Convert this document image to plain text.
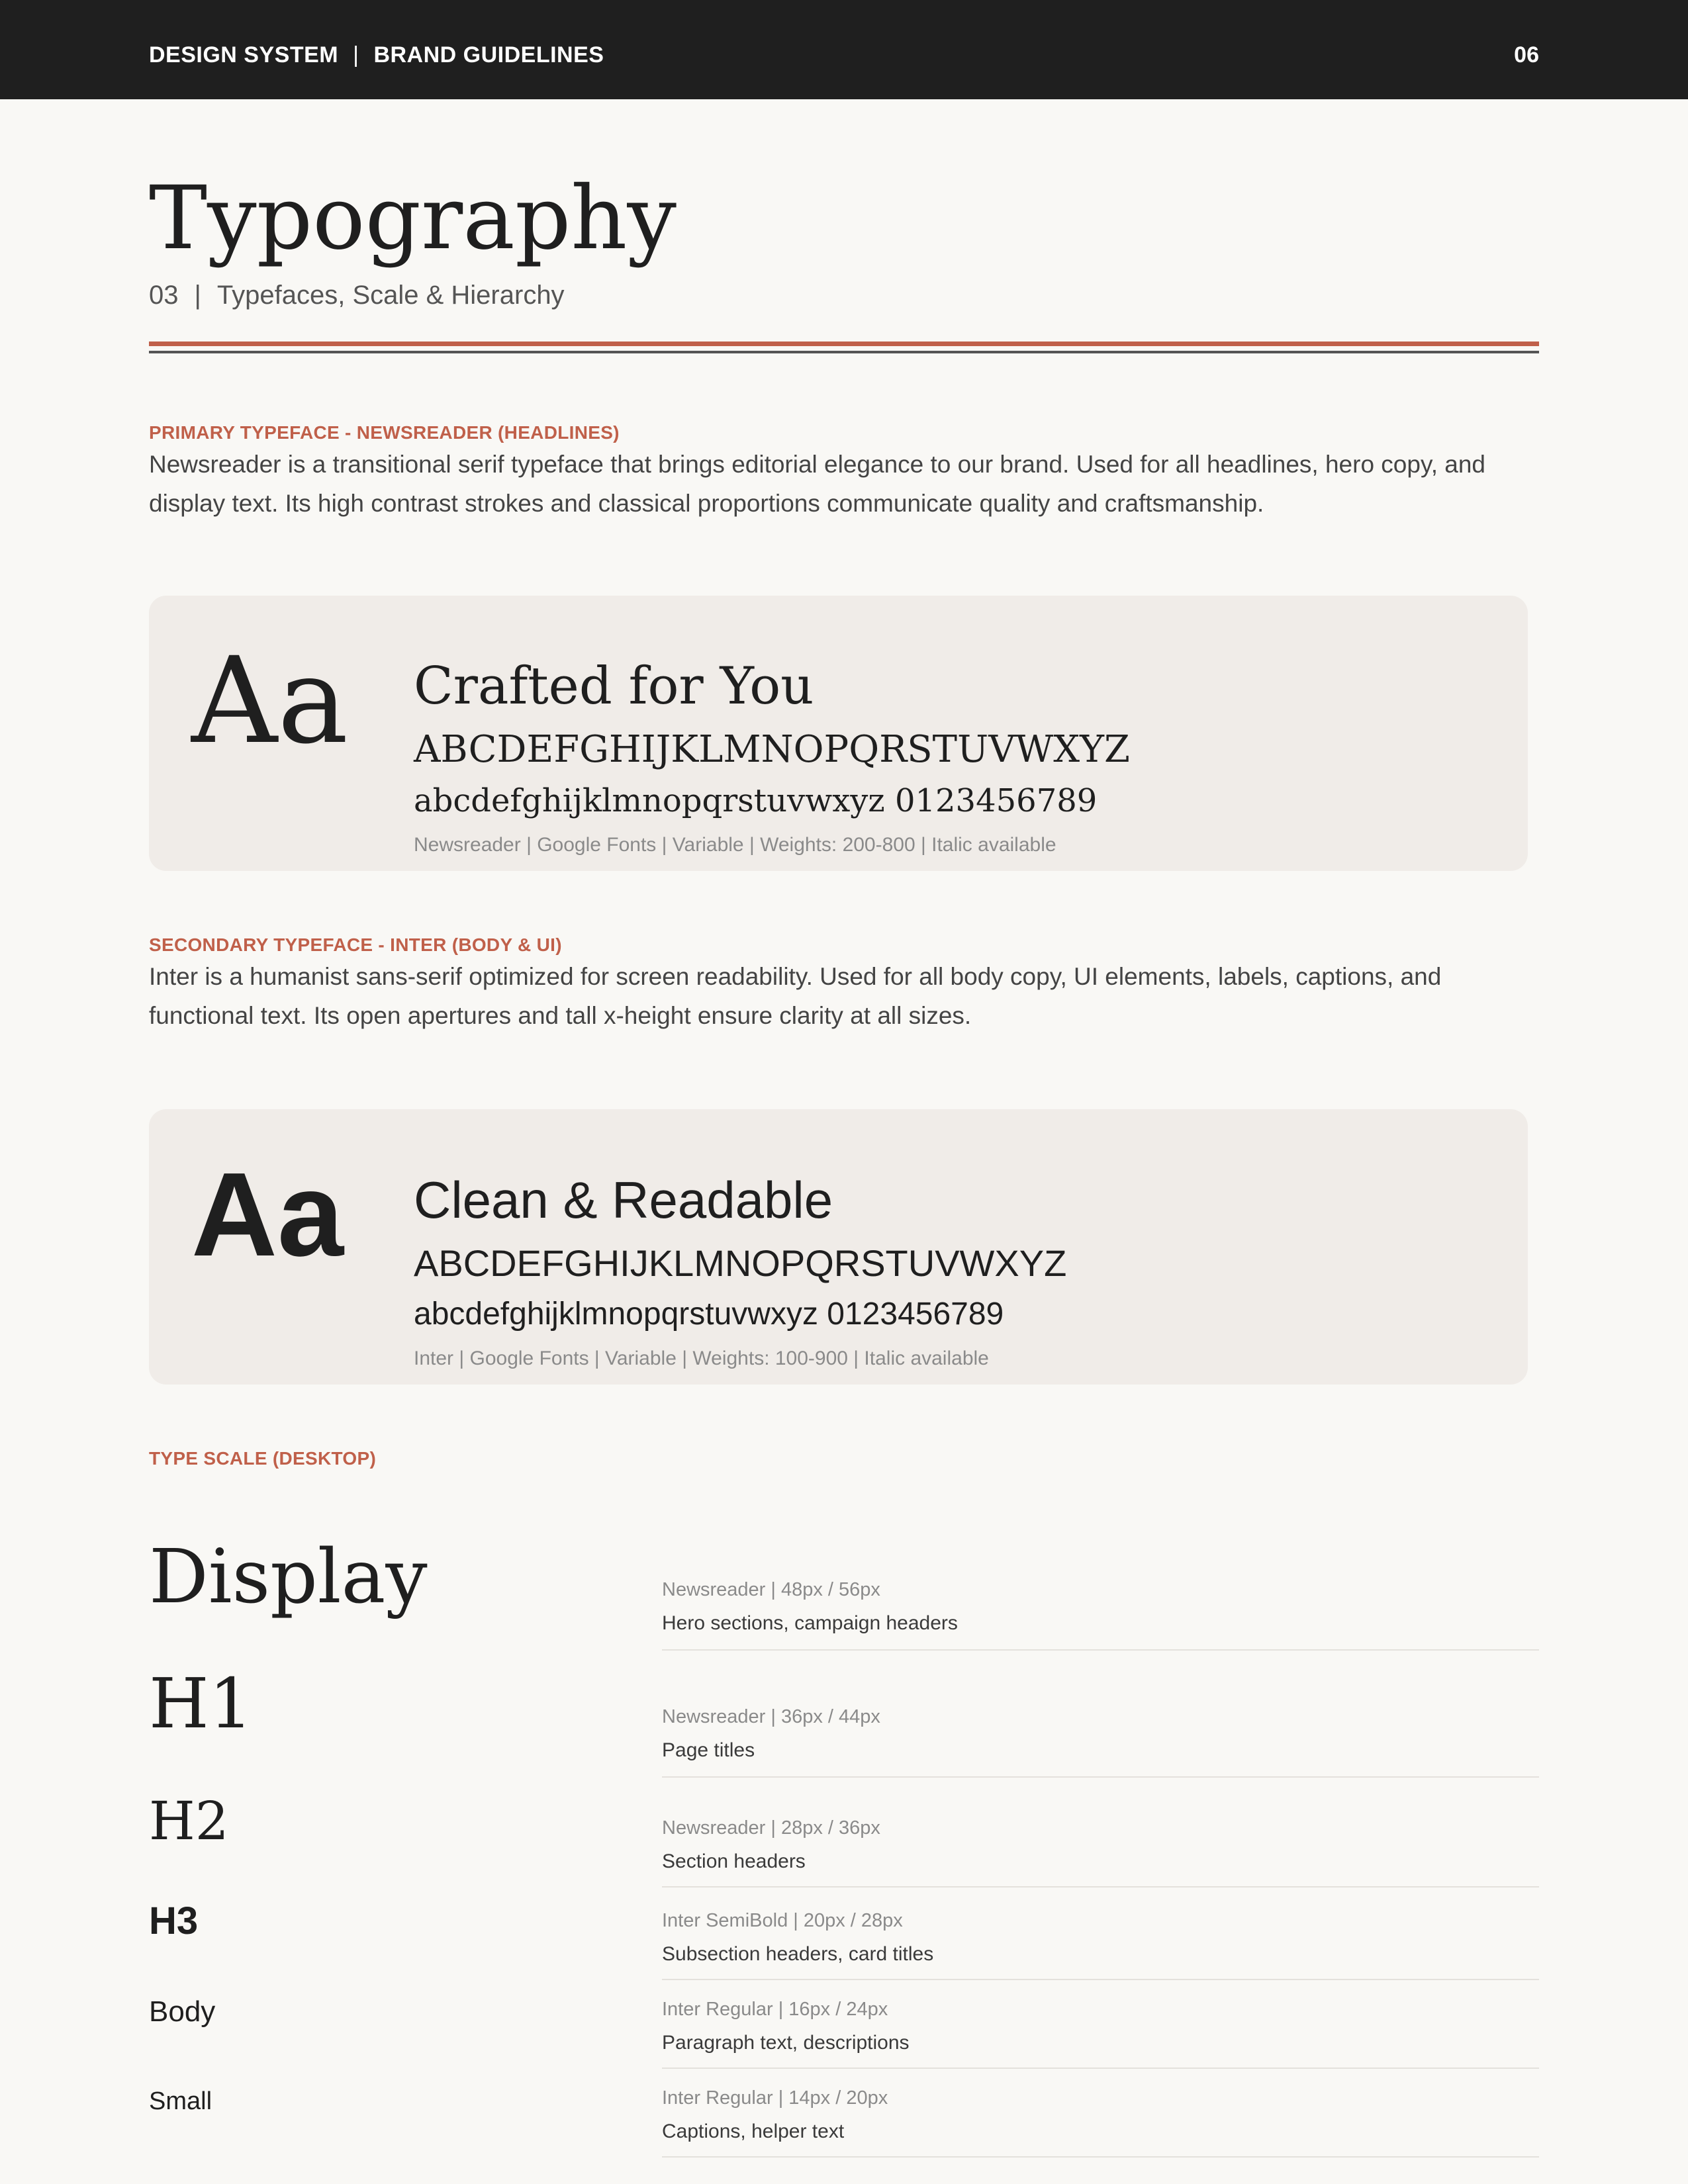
DESIGN SYSTEM | BRAND GUIDELINES	06
Typography
03 | Typefaces, Scale & Hierarchy
PRIMARY TYPEFACE - NEWSREADER (HEADLINES)
Newsreader is a transitional serif typeface that brings editorial elegance to our brand. Used for all headlines, hero copy, and display text. Its high contrast strokes and classical proportions communicate quality and craftsmanship.
Aa Crafted for You
ABCDEFGHIJKLMNOPQRSTUVWXYZ
abcdefghijklmnopqrstuvwxyz 0123456789
Newsreader | Google Fonts | Variable | Weights: 200-800 | Italic available
SECONDARY TYPEFACE - INTER (BODY & UI)
Inter is a humanist sans-serif optimized for screen readability. Used for all body copy, UI elements, labels, captions, and functional text. Its open apertures and tall x-height ensure clarity at all sizes.
Aa Clean & Readable
ABCDEFGHIJKLMNOPQRSTUVWXYZ
abcdefghijklmnopqrstuvwxyz 0123456789
Inter | Google Fonts | Variable | Weights: 100-900 | Italic available
TYPE SCALE (DESKTOP)
Display	Newsreader | 48px / 56px
Hero sections, campaign headers
H1	Newsreader | 36px / 44px
Page titles
H2	Newsreader | 28px / 36px
Section headers
H3	Inter SemiBold | 20px / 28px
Subsection headers, card titles
Body	Inter Regular | 16px / 24px
Paragraph text, descriptions
Small	Inter Regular | 14px / 20px
Captions, helper text
